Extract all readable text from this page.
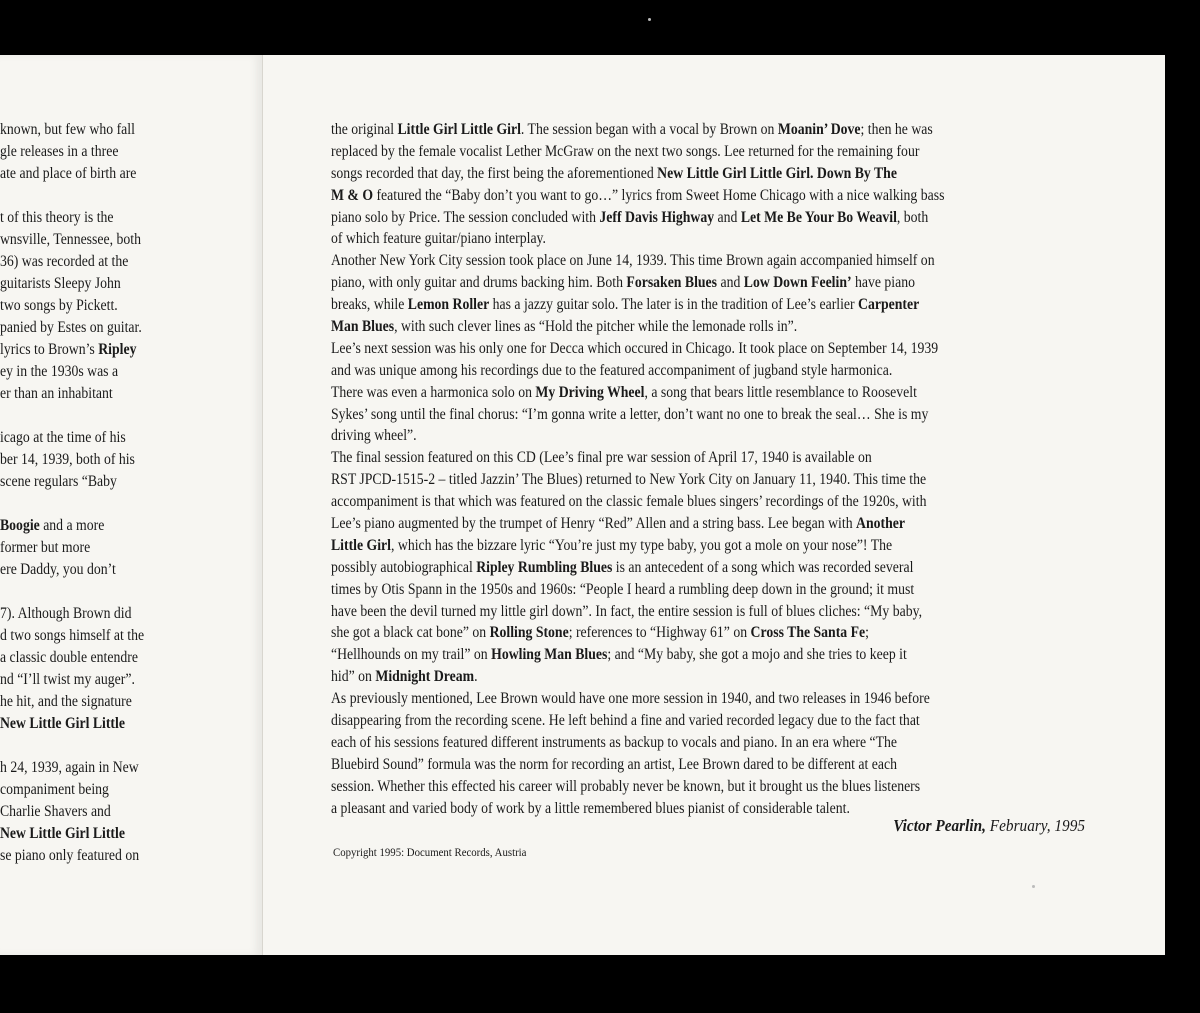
known, but few who fall
gle releases in a three
ate and place of birth are

t of this theory is the
wnsville, Tennessee, both
36) was recorded at the
guitarists Sleepy John
two songs by Pickett.
panied by Estes on guitar.
lyrics to Brown’s Ripley
ey in the 1930s was a
er than an inhabitant

icago at the time of his
ber 14, 1939, both of his
scene regulars “Baby

Boogie and a more
former but more
ere Daddy, you don’t

7). Although Brown did
d two songs himself at the
a classic double entendre
nd “I’ll twist my auger”.
he hit, and the signature
New Little Girl Little

h 24, 1939, again in New
companiment being
Charlie Shavers and
New Little Girl Little
se piano only featured on
the original Little Girl Little Girl. The session began with a vocal by Brown on Moanin’ Dove; then he was
replaced by the female vocalist Lether McGraw on the next two songs. Lee returned for the remaining four
songs recorded that day, the first being the aforementioned New Little Girl Little Girl. Down By The
M & O featured the “Baby don’t you want to go…” lyrics from Sweet Home Chicago with a nice walking bass
piano solo by Price. The session concluded with Jeff Davis Highway and Let Me Be Your Bo Weavil, both
of which feature guitar/piano interplay.
Another New York City session took place on June 14, 1939. This time Brown again accompanied himself on
piano, with only guitar and drums backing him. Both Forsaken Blues and Low Down Feelin’ have piano
breaks, while Lemon Roller has a jazzy guitar solo. The later is in the tradition of Lee’s earlier Carpenter
Man Blues, with such clever lines as “Hold the pitcher while the lemonade rolls in”.
Lee’s next session was his only one for Decca which occured in Chicago. It took place on September 14, 1939
and was unique among his recordings due to the featured accompaniment of jugband style harmonica.
There was even a harmonica solo on My Driving Wheel, a song that bears little resemblance to Roosevelt
Sykes’ song until the final chorus: “I’m gonna write a letter, don’t want no one to break the seal… She is my
driving wheel”.
The final session featured on this CD (Lee’s final pre war session of April 17, 1940 is available on
RST JPCD-1515-2 – titled Jazzin’ The Blues) returned to New York City on January 11, 1940. This time the
accompaniment is that which was featured on the classic female blues singers’ recordings of the 1920s, with
Lee’s piano augmented by the trumpet of Henry “Red” Allen and a string bass. Lee began with Another
Little Girl, which has the bizzare lyric “You’re just my type baby, you got a mole on your nose”! The
possibly autobiographical Ripley Rumbling Blues is an antecedent of a song which was recorded several
times by Otis Spann in the 1950s and 1960s: “People I heard a rumbling deep down in the ground; it must
have been the devil turned my little girl down”. In fact, the entire session is full of blues cliches: “My baby,
she got a black cat bone” on Rolling Stone; references to “Highway 61” on Cross The Santa Fe;
“Hellhounds on my trail” on Howling Man Blues; and “My baby, she got a mojo and she tries to keep it
hid” on Midnight Dream.
As previously mentioned, Lee Brown would have one more session in 1940, and two releases in 1946 before
disappearing from the recording scene. He left behind a fine and varied recorded legacy due to the fact that
each of his sessions featured different instruments as backup to vocals and piano. In an era where “The
Bluebird Sound” formula was the norm for recording an artist, Lee Brown dared to be different at each
session. Whether this effected his career will probably never be known, but it brought us the blues listeners
a pleasant and varied body of work by a little remembered blues pianist of considerable talent.
Victor Pearlin, February, 1995
Copyright 1995: Document Records, Austria
